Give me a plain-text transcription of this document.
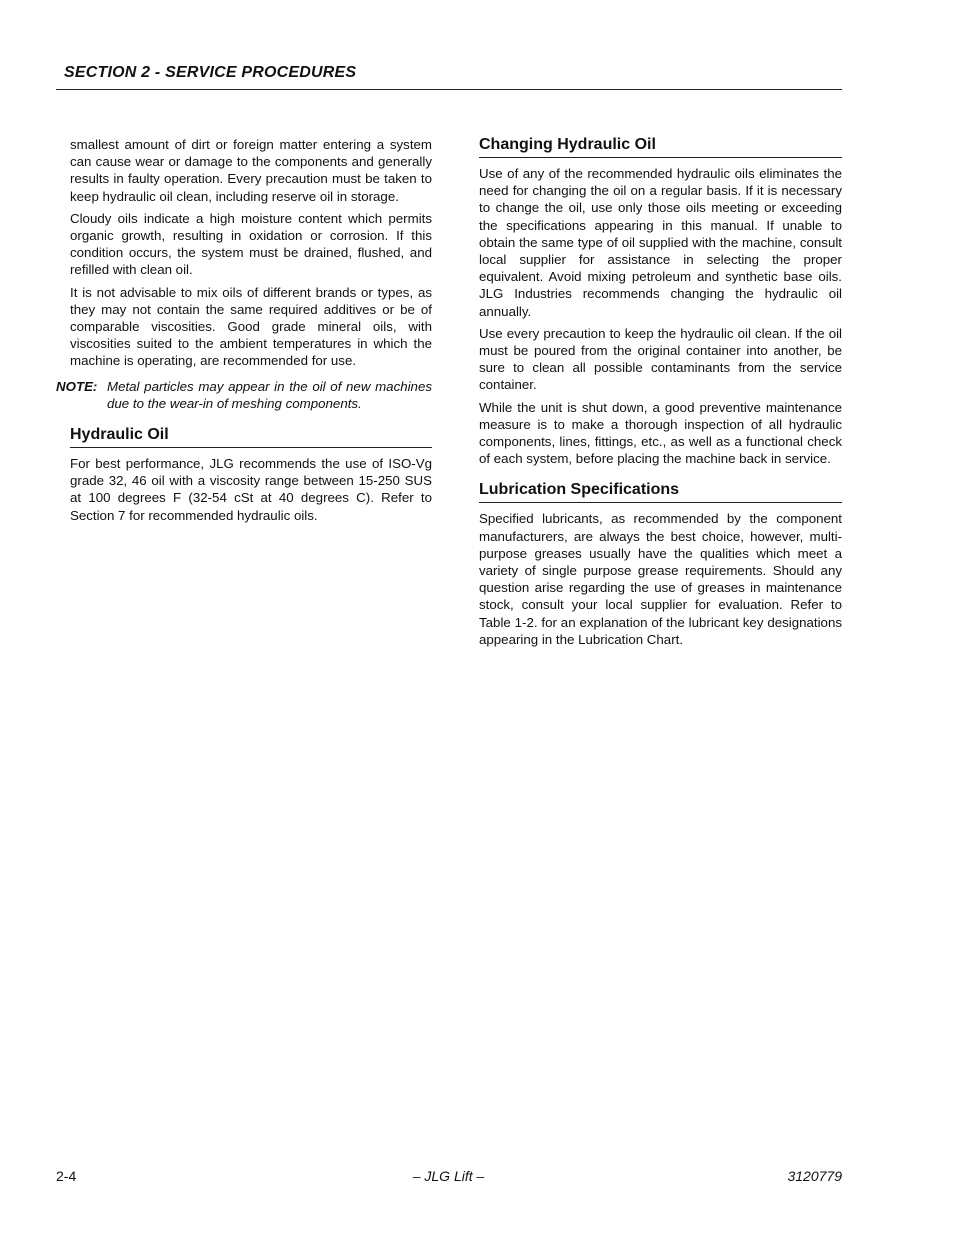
SECTION 2 - SERVICE PROCEDURES

smallest amount of dirt or foreign matter entering a system can cause wear or damage to the components and generally results in faulty operation. Every precaution must be taken to keep hydraulic oil clean, including reserve oil in storage.

Cloudy oils indicate a high moisture content which permits organic growth, resulting in oxidation or corrosion. If this condition occurs, the system must be drained, flushed, and refilled with clean oil.

It is not advisable to mix oils of different brands or types, as they may not contain the same required additives or be of comparable viscosities. Good grade mineral oils, with viscosities suited to the ambient temperatures in which the machine is operating, are recommended for use.

NOTE: Metal particles may appear in the oil of new machines due to the wear-in of meshing components.
Hydraulic Oil

For best performance, JLG recommends the use of ISO-Vg grade 32, 46 oil with a viscosity range between 15-250 SUS at 100 degrees F (32-54 cSt at 40 degrees C). Refer to Section 7 for recommended hydraulic oils.

Changing Hydraulic Oil

Use of any of the recommended hydraulic oils eliminates the need for changing the oil on a regular basis. If it is necessary to change the oil, use only those oils meeting or exceeding the specifications appearing in this manual. If unable to obtain the same type of oil supplied with the machine, consult local supplier for assistance in selecting the proper equivalent. Avoid mixing petroleum and synthetic base oils. JLG Industries recommends changing the hydraulic oil annually.

Use every precaution to keep the hydraulic oil clean. If the oil must be poured from the original container into another, be sure to clean all possible contaminants from the service container.

While the unit is shut down, a good preventive maintenance measure is to make a thorough inspection of all hydraulic components, lines, fittings, etc., as well as a functional check of each system, before placing the machine back in service.

Lubrication Specifications

Specified lubricants, as recommended by the component manufacturers, are always the best choice, however, multi-purpose greases usually have the qualities which meet a variety of single purpose grease requirements. Should any question arise regarding the use of greases in maintenance stock, consult your local supplier for evaluation. Refer to Table 1-2. for an explanation of the lubricant key designations appearing in the Lubrication Chart.

2-4	– JLG Lift –	3120779
